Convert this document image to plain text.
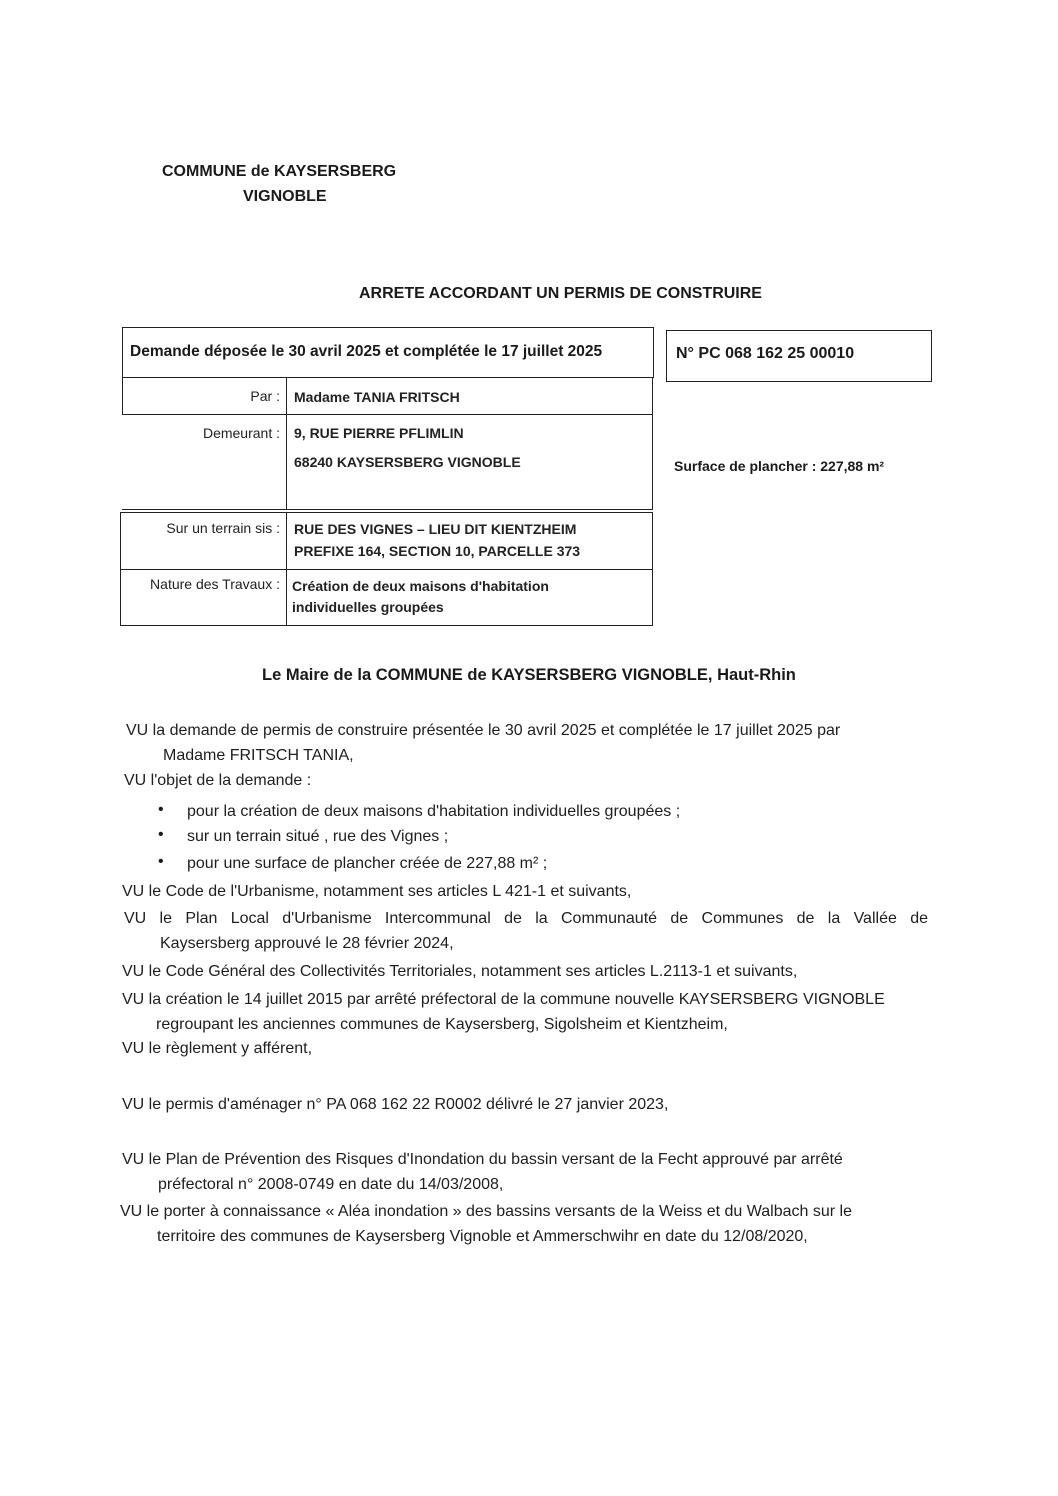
COMMUNE de KAYSERSBERG
VIGNOBLE
ARRETE ACCORDANT UN PERMIS DE CONSTRUIRE
Demande déposée le 30 avril 2025 et complétée le 17 juillet 2025
Par : Madame TANIA FRITSCH
Demeurant : 9, RUE PIERRE PFLIMLIN
68240 KAYSERSBERG VIGNOBLE
Sur un terrain sis : RUE DES VIGNES – LIEU DIT KIENTZHEIM
PREFIXE 164, SECTION 10, PARCELLE 373
Nature des Travaux : Création de deux maisons d'habitation
individuelles groupées
N° PC 068 162 25 00010
Surface de plancher : 227,88 m²
Le Maire de la COMMUNE de KAYSERSBERG VIGNOBLE, Haut-Rhin
VU la demande de permis de construire présentée le 30 avril 2025 et complétée le 17 juillet 2025 par
Madame FRITSCH TANIA,
VU l'objet de la demande :
• pour la création de deux maisons d'habitation individuelles groupées ;
• sur un terrain situé , rue des Vignes ;
• pour une surface de plancher créée de 227,88 m² ;
VU le Code de l'Urbanisme, notamment ses articles L 421-1 et suivants,
VU le Plan Local d'Urbanisme Intercommunal de la Communauté de Communes de la Vallée de
Kaysersberg approuvé le 28 février 2024,
VU le Code Général des Collectivités Territoriales, notamment ses articles L.2113-1 et suivants,
VU la création le 14 juillet 2015 par arrêté préfectoral de la commune nouvelle KAYSERSBERG VIGNOBLE
regroupant les anciennes communes de Kaysersberg, Sigolsheim et Kientzheim,
VU le règlement y afférent,
VU le permis d'aménager n° PA 068 162 22 R0002 délivré le 27 janvier 2023,
VU le Plan de Prévention des Risques d'Inondation du bassin versant de la Fecht approuvé par arrêté
préfectoral n° 2008-0749 en date du 14/03/2008,
VU le porter à connaissance « Aléa inondation » des bassins versants de la Weiss et du Walbach sur le
territoire des communes de Kaysersberg Vignoble et Ammerschwihr en date du 12/08/2020,
